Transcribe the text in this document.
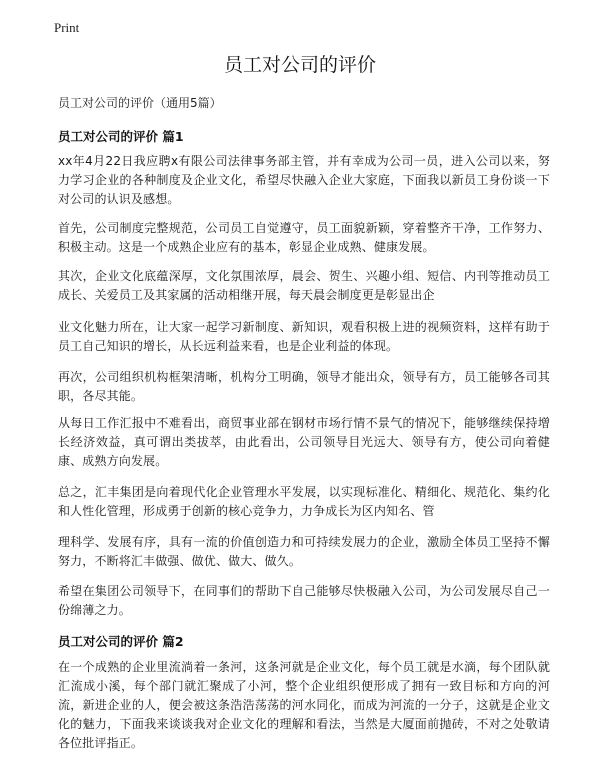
Print
员工对公司的评价

员工对公司的评价（通用5篇）

员工对公司的评价 篇1

xx年4月22日我应聘x有限公司法律事务部主管，并有幸成为公司一员，进入公司以来，努力学习企业的各种制度及企业文化，希望尽快融入企业大家庭，下面我以新员工身份谈一下对公司的认识及感想。

首先，公司制度完整规范，公司员工自觉遵守，员工面貌新颖，穿着整齐干净，工作努力、积极主动。这是一个成熟企业应有的基本，彰显企业成熟、健康发展。

其次，企业文化底蕴深厚，文化氛围浓厚，晨会、贺生、兴趣小组、短信、内刊等推动员工成长、关爱员工及其家属的活动相继开展，每天晨会制度更是彰显出企

业文化魅力所在，让大家一起学习新制度、新知识，观看积极上进的视频资料，这样有助于员工自己知识的增长，从长远利益来看，也是企业利益的体现。

再次，公司组织机构框架清晰，机构分工明确，领导才能出众，领导有方，员工能够各司其职，各尽其能。

从每日工作汇报中不难看出，商贸事业部在钢材市场行情不景气的情况下，能够继续保持增长经济效益，真可谓出类拔萃，由此看出，公司领导目光远大、领导有方，使公司向着健康、成熟方向发展。

总之，汇丰集团是向着现代化企业管理水平发展，以实现标准化、精细化、规范化、集约化和人性化管理，形成勇于创新的核心竞争力，力争成长为区内知名、管

理科学、发展有序，具有一流的价值创造力和可持续发展力的企业，激励全体员工坚持不懈努力，不断将汇丰做强、做优、做大、做久。

希望在集团公司领导下，在同事们的帮助下自己能够尽快极融入公司，为公司发展尽自己一份绵薄之力。

员工对公司的评价 篇2

在一个成熟的企业里流淌着一条河，这条河就是企业文化，每个员工就是水滴，每个团队就汇流成小溪，每个部门就汇聚成了小河，整个企业组织便形成了拥有一致目标和方向的河流，新进企业的人，便会被这条浩浩荡荡的河水同化，而成为河流的一分子，这就是企业文化的魅力，下面我来谈谈我对企业文化的理解和看法，当然是大厦面前抛砖，不对之处敬请各位批评指正。
